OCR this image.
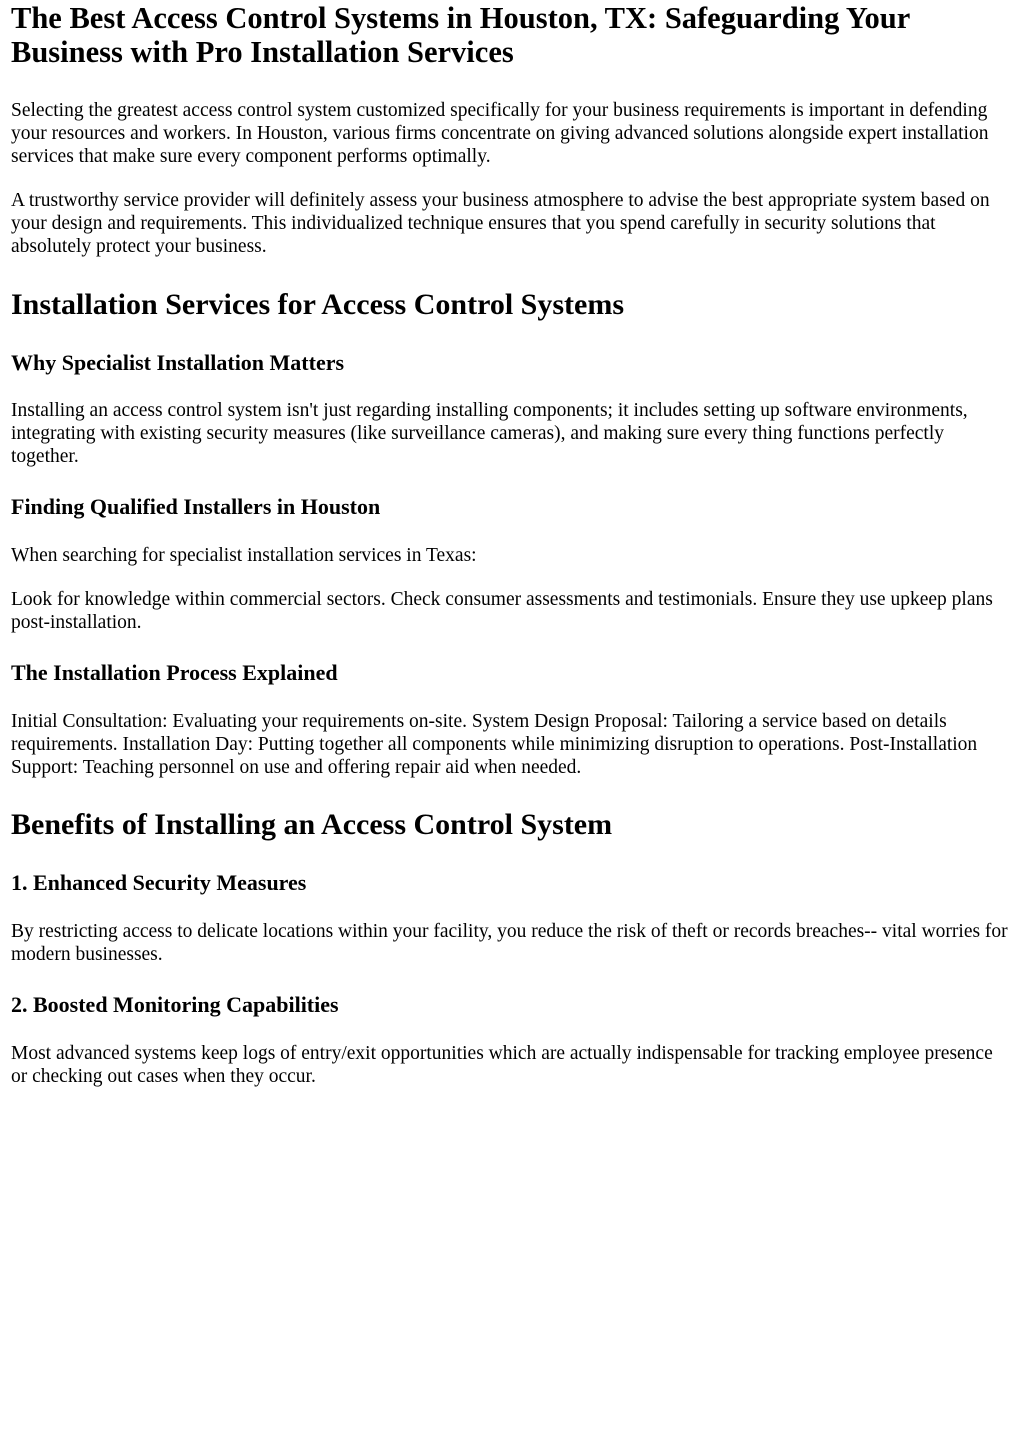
The Best Access Control Systems in Houston, TX: Safeguarding Your Business with Pro Installation Services

Selecting the greatest access control system customized specifically for your business requirements is important in defending your resources and workers. In Houston, various firms concentrate on giving advanced solutions alongside expert installation services that make sure every component performs optimally.

A trustworthy service provider will definitely assess your business atmosphere to advise the best appropriate system based on your design and requirements. This individualized technique ensures that you spend carefully in security solutions that absolutely protect your business.

Installation Services for Access Control Systems
Why Specialist Installation Matters

Installing an access control system isn't just regarding installing components; it includes setting up software environments, integrating with existing security measures (like surveillance cameras), and making sure every thing functions perfectly together.

Finding Qualified Installers in Houston

When searching for specialist installation services in Texas:

Look for knowledge within commercial sectors. Check consumer assessments and testimonials. Ensure they use upkeep plans post-installation.

The Installation Process Explained

Initial Consultation: Evaluating your requirements on-site. System Design Proposal: Tailoring a service based on details requirements. Installation Day: Putting together all components while minimizing disruption to operations. Post-Installation Support: Teaching personnel on use and offering repair aid when needed.

Benefits of Installing an Access Control System
1. Enhanced Security Measures

By restricting access to delicate locations within your facility, you reduce the risk of theft or records breaches-- vital worries for modern businesses.

2. Boosted Monitoring Capabilities

Most advanced systems keep logs of entry/exit opportunities which are actually indispensable for tracking employee presence or checking out cases when they occur.
